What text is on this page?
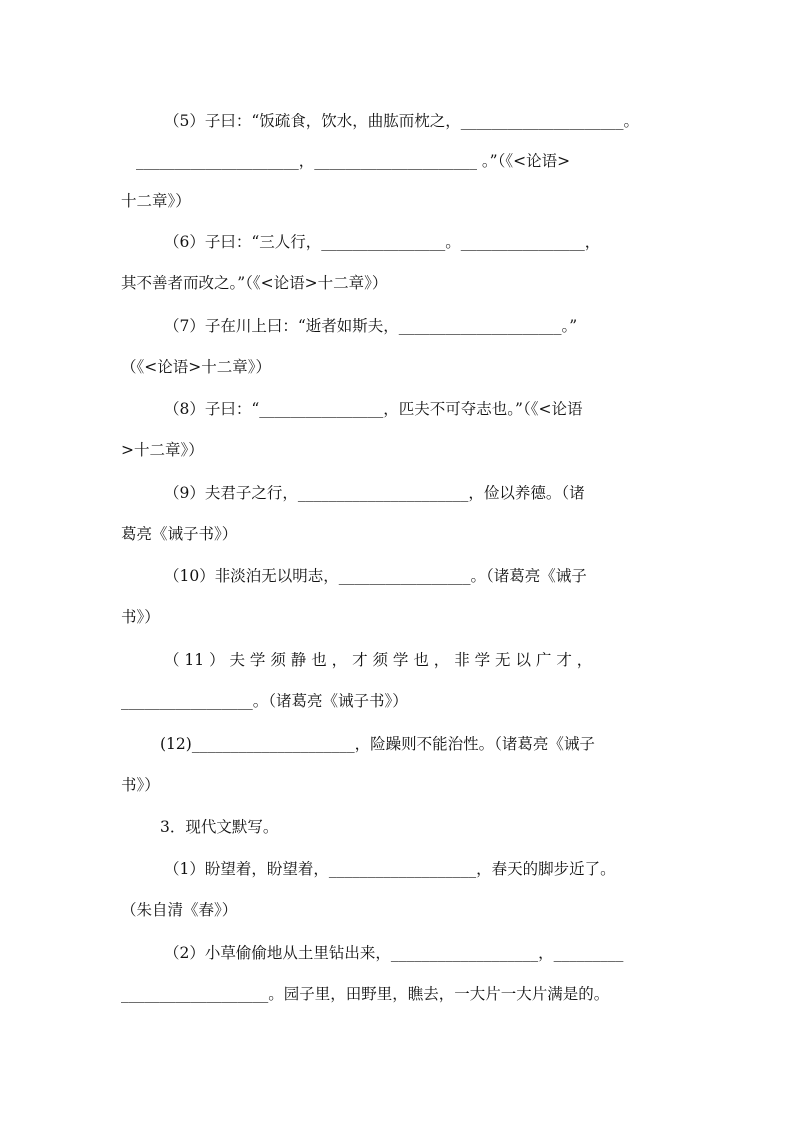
（5）子曰：“饭疏食，饮水，曲肱而枕之，_____________________。
_____________________，_____________________ 。”（《<论语>
十二章》）
（6）子曰：“三人行，________________。________________，
其不善者而改之。”（《<论语>十二章》）
（7）子在川上曰：“逝者如斯夫，_____________________。”
（《<论语>十二章》）
（8）子曰：“________________，匹夫不可夺志也。”（《<论语
>十二章》）
（9）夫君子之行，______________________，俭以养德。（诸
葛亮《诫子书》）
（10）非淡泊无以明志，_________________。（诸葛亮《诫子
书》）
（ 11 ） 夫 学 须 静 也 ， 才 须 学 也 ， 非 学 无 以 广 才 ，
_________________。（诸葛亮《诫子书》）
(12)_____________________，险躁则不能治性。（诸葛亮《诫子
书》）
3．现代文默写。
（1）盼望着，盼望着，___________________，春天的脚步近了。
（朱自清《春》）
（2）小草偷偷地从土里钻出来，___________________，_________
___________________。园子里，田野里，瞧去，一大片一大片满是的。
